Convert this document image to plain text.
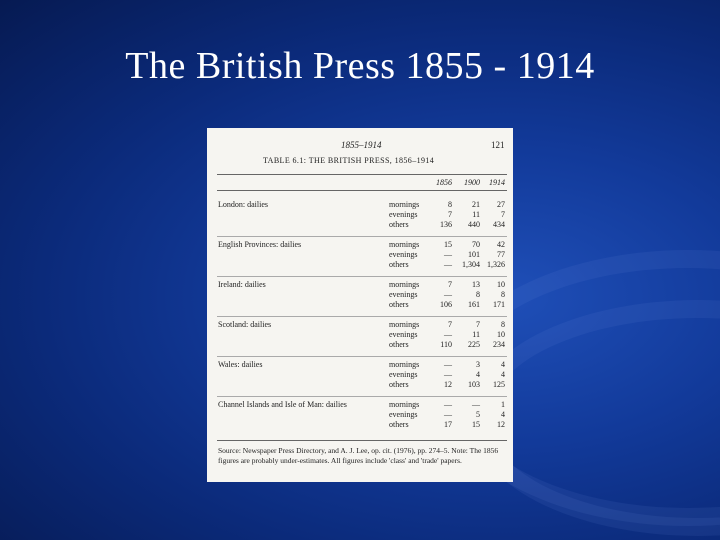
The British Press 1855 - 1914
1855–1914	121
TABLE 6.1: THE BRITISH PRESS, 1856–1914
1856	1900	1914
London: dailies	mornings	8	21	27
evenings	7	11	7
others	136	440	434
English Provinces: dailies	mornings	15	70	42
evenings	—	101	77
others	—	1,304 1,326
Ireland: dailies	mornings	7	13	10
evenings	—	8	8
others	106	161	171
Scotland: dailies	mornings	7	7	8
evenings	—	11	10
others	110	225	234
Wales: dailies	mornings	—	3	4
evenings	—	4	4
others	12	103	125
Channel Islands and Isle of Man: dailies	mornings	—	—	1
evenings	—	5	4
others	17	15	12
Source: Newspaper Press Directory, and A. J. Lee, op. cit. (1976), pp. 274–5. Note: The 1856 figures are probably under-estimates. All figures include 'class' and 'trade' papers.
